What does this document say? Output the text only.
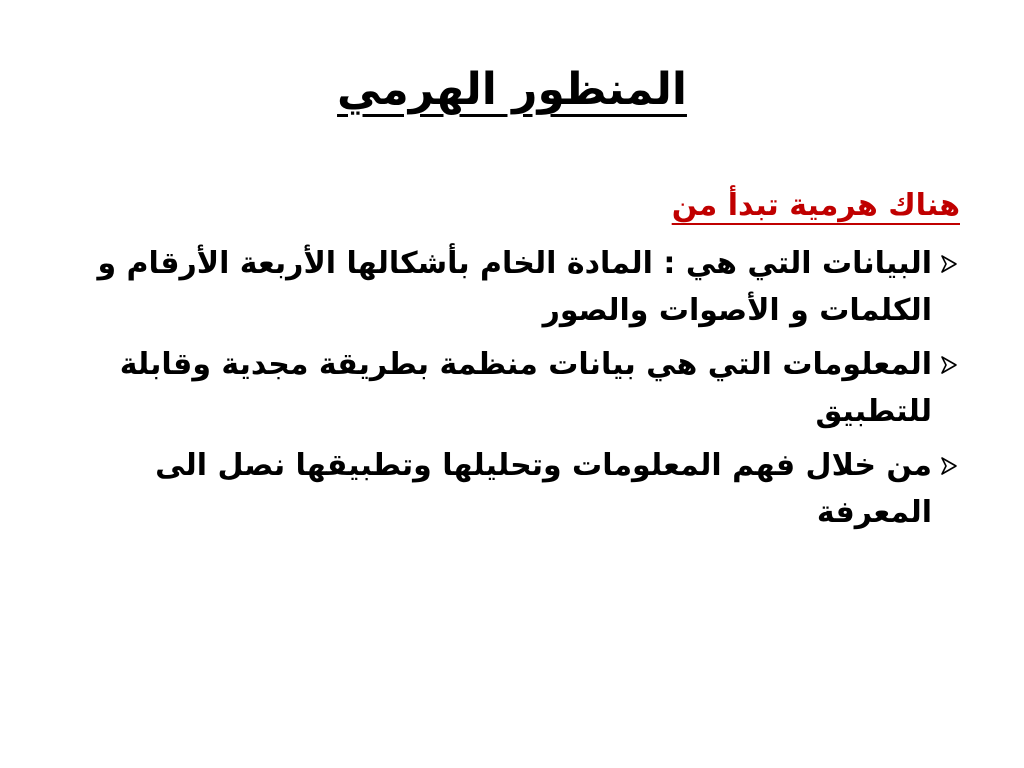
المنظور الهرمي
هناك هرمية تبدأ من
البيانات التي هي : المادة الخام بأشكالها الأربعة الأرقام و الكلمات و الأصوات والصور
المعلومات التي هي بيانات منظمة بطريقة مجدية وقابلة للتطبيق
من خلال فهم المعلومات وتحليلها وتطبيقها نصل الى المعرفة
